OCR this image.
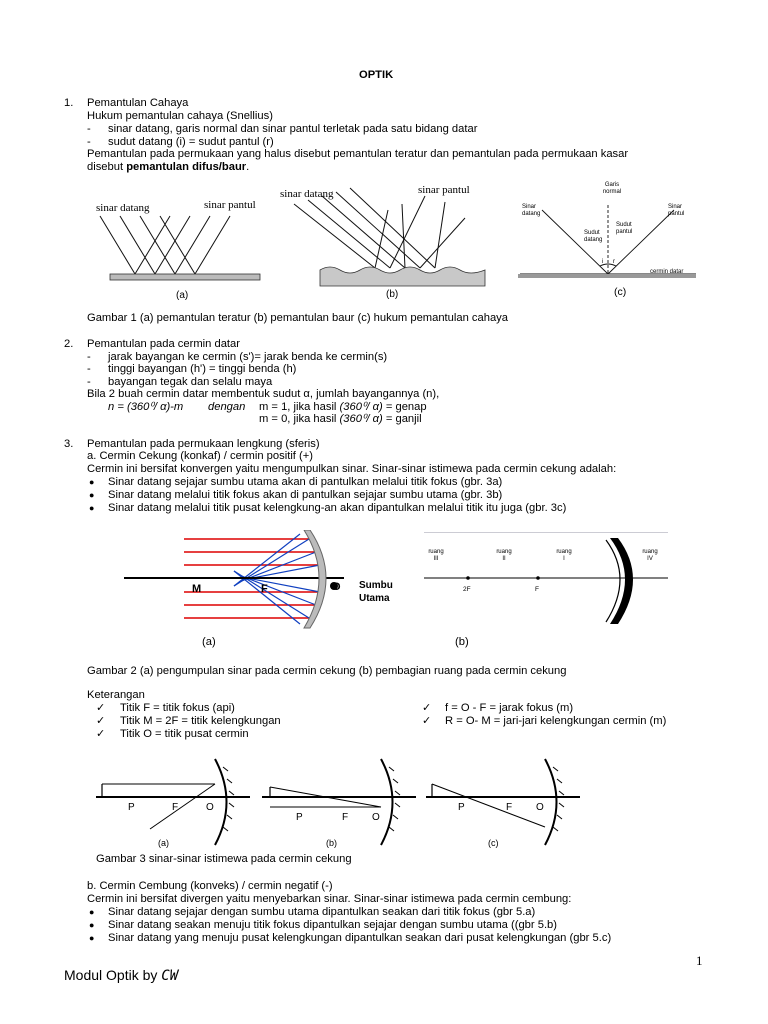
OPTIK
1. Pemantulan Cahaya
Hukum pemantulan cahaya (Snellius)
- sinar datang, garis normal dan sinar pantul terletak pada satu bidang datar
- sudut datang (i) = sudut pantul (r)
Pemantulan pada permukaan yang halus disebut pemantulan teratur dan pemantulan pada permukaan kasar
disebut pemantulan difus/baur.
sinar datang	sinar pantul
(a)
sinar datang	sinar pantul
(b)
Garis normal
Sinar datang
Sinar pantul
Sudut datang
Sudut pantul
i r
cermin datar
(c)
Gambar 1 (a) pemantulan teratur (b) pemantulan baur (c) hukum pemantulan cahaya
2. Pemantulan pada cermin datar
- jarak bayangan ke cermin (s')= jarak benda ke cermin(s)
- tinggi bayangan (h') = tinggi benda (h)
- bayangan tegak dan selalu maya
Bila 2 buah cermin datar membentuk sudut α, jumlah bayangannya (n),
n = (360⁰/ α)-m dengan m = 1, jika hasil (360⁰/ α) = genap
m = 0, jika hasil (360⁰/ α) = ganjil
3. Pemantulan pada permukaan lengkung (sferis)
a. Cermin Cekung (konkaf) / cermin positif (+)
Cermin ini bersifat konvergen yaitu mengumpulkan sinar. Sinar-sinar istimewa pada cermin cekung adalah:
● Sinar datang sejajar sumbu utama akan di pantulkan melalui titik fokus (gbr. 3a)
● Sinar datang melalui titik fokus akan di pantulkan sejajar sumbu utama (gbr. 3b)
● Sinar datang melalui titik pusat kelengkung-an akan dipantulkan melalui titik itu juga (gbr. 3c)
M	F	O Sumbu
Utama
(a)
ruang
III
ruang
II
ruang
I
ruang
IV
2F	F
(b)
Gambar 2 (a) pengumpulan sinar pada cermin cekung (b) pembagian ruang pada cermin cekung
Keterangan
✓ Titik F = titik fokus (api)
✓ Titik M = 2F = titik kelengkungan
✓ Titik O = titik pusat cermin
✓ f = O - F = jarak fokus (m)
✓ R = O- M = jari-jari kelengkungan cermin (m)
P	F	O
(a)
P	F O
(b)
P	F O
(c)
Gambar 3 sinar-sinar istimewa pada cermin cekung
b. Cermin Cembung (konveks) / cermin negatif (-)
Cermin ini bersifat divergen yaitu menyebarkan sinar. Sinar-sinar istimewa pada cermin cembung:
● Sinar datang sejajar dengan sumbu utama dipantulkan seakan dari titik fokus (gbr 5.a)
● Sinar datang seakan menuju titik fokus dipantulkan sejajar dengan sumbu utama ((gbr 5.b)
● Sinar datang yang menuju pusat kelengkungan dipantulkan seakan dari pusat kelengkungan (gbr 5.c)
1
Modul Optik by CW
